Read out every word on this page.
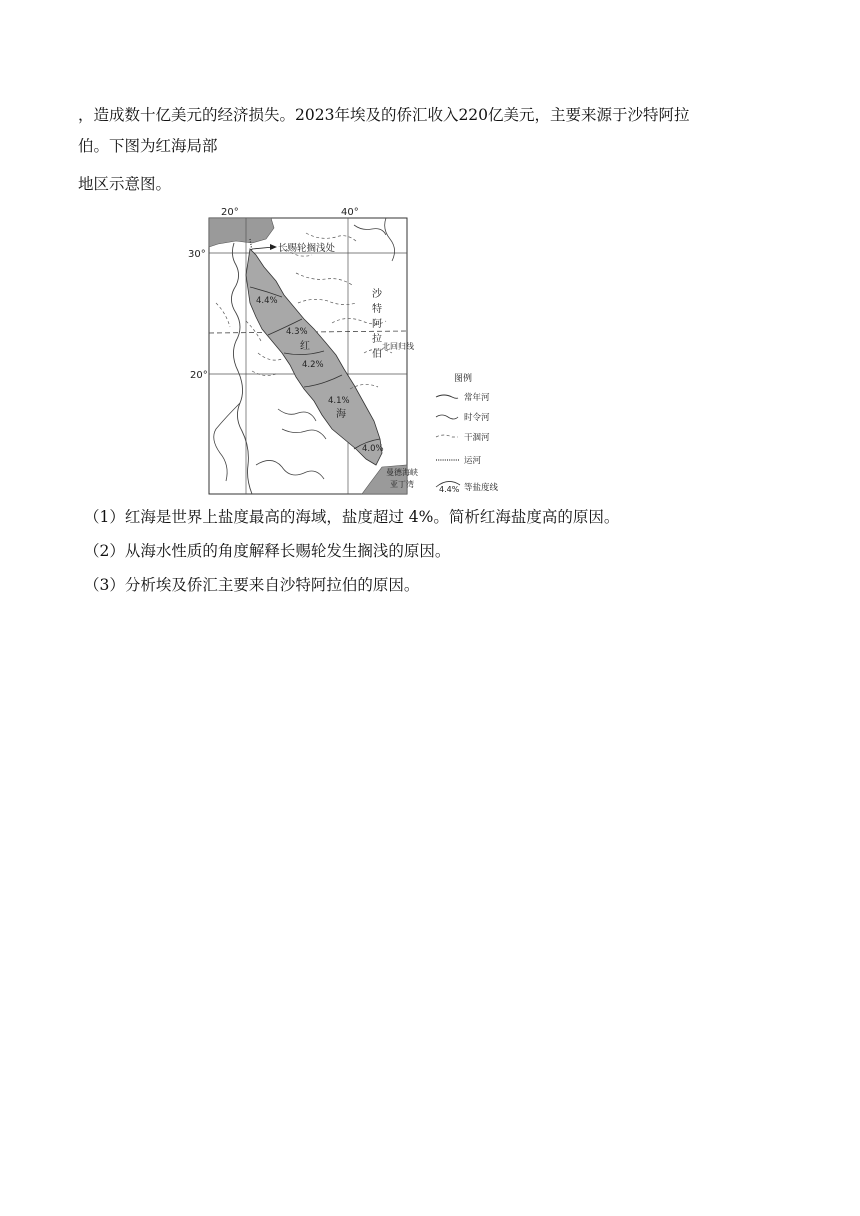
，造成数十亿美元的经济损失。2023年埃及的侨汇收入220亿美元，主要来源于沙特阿拉
伯。下图为红海局部
地区示意图。
20°	40°
30°
20°
4.4%
4.3%
4.2%
4.1%
4.0%
红
海
长赐轮搁浅处
沙
特
阿
拉
伯
北回归线
曼德海峡
亚丁湾
图例
常年河
时令河
干涸河
运河
4.4% 等盐度线
（1）红海是世界上盐度最高的海域，盐度超过 4%。简析红海盐度高的原因。
（2）从海水性质的角度解释长赐轮发生搁浅的原因。
（3）分析埃及侨汇主要来自沙特阿拉伯的原因。
